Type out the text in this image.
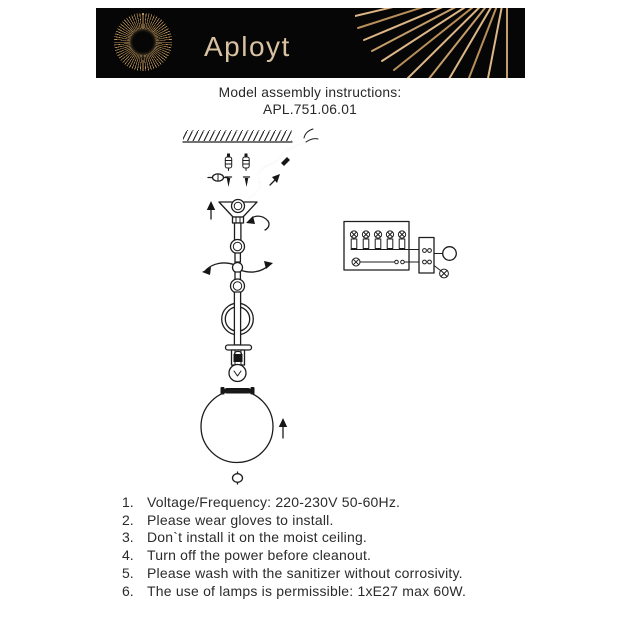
Aployt
Model assembly instructions:
APL.751.06.01
1. Voltage/Frequency: 220-230V 50-60Hz.
2. Please wear gloves to install.
3. Don`t install it on the moist ceiling.
4. Turn off the power before cleanout.
5. Please wash with the sanitizer without corrosivity.
6. The use of lamps is permissible: 1xE27 max 60W.
